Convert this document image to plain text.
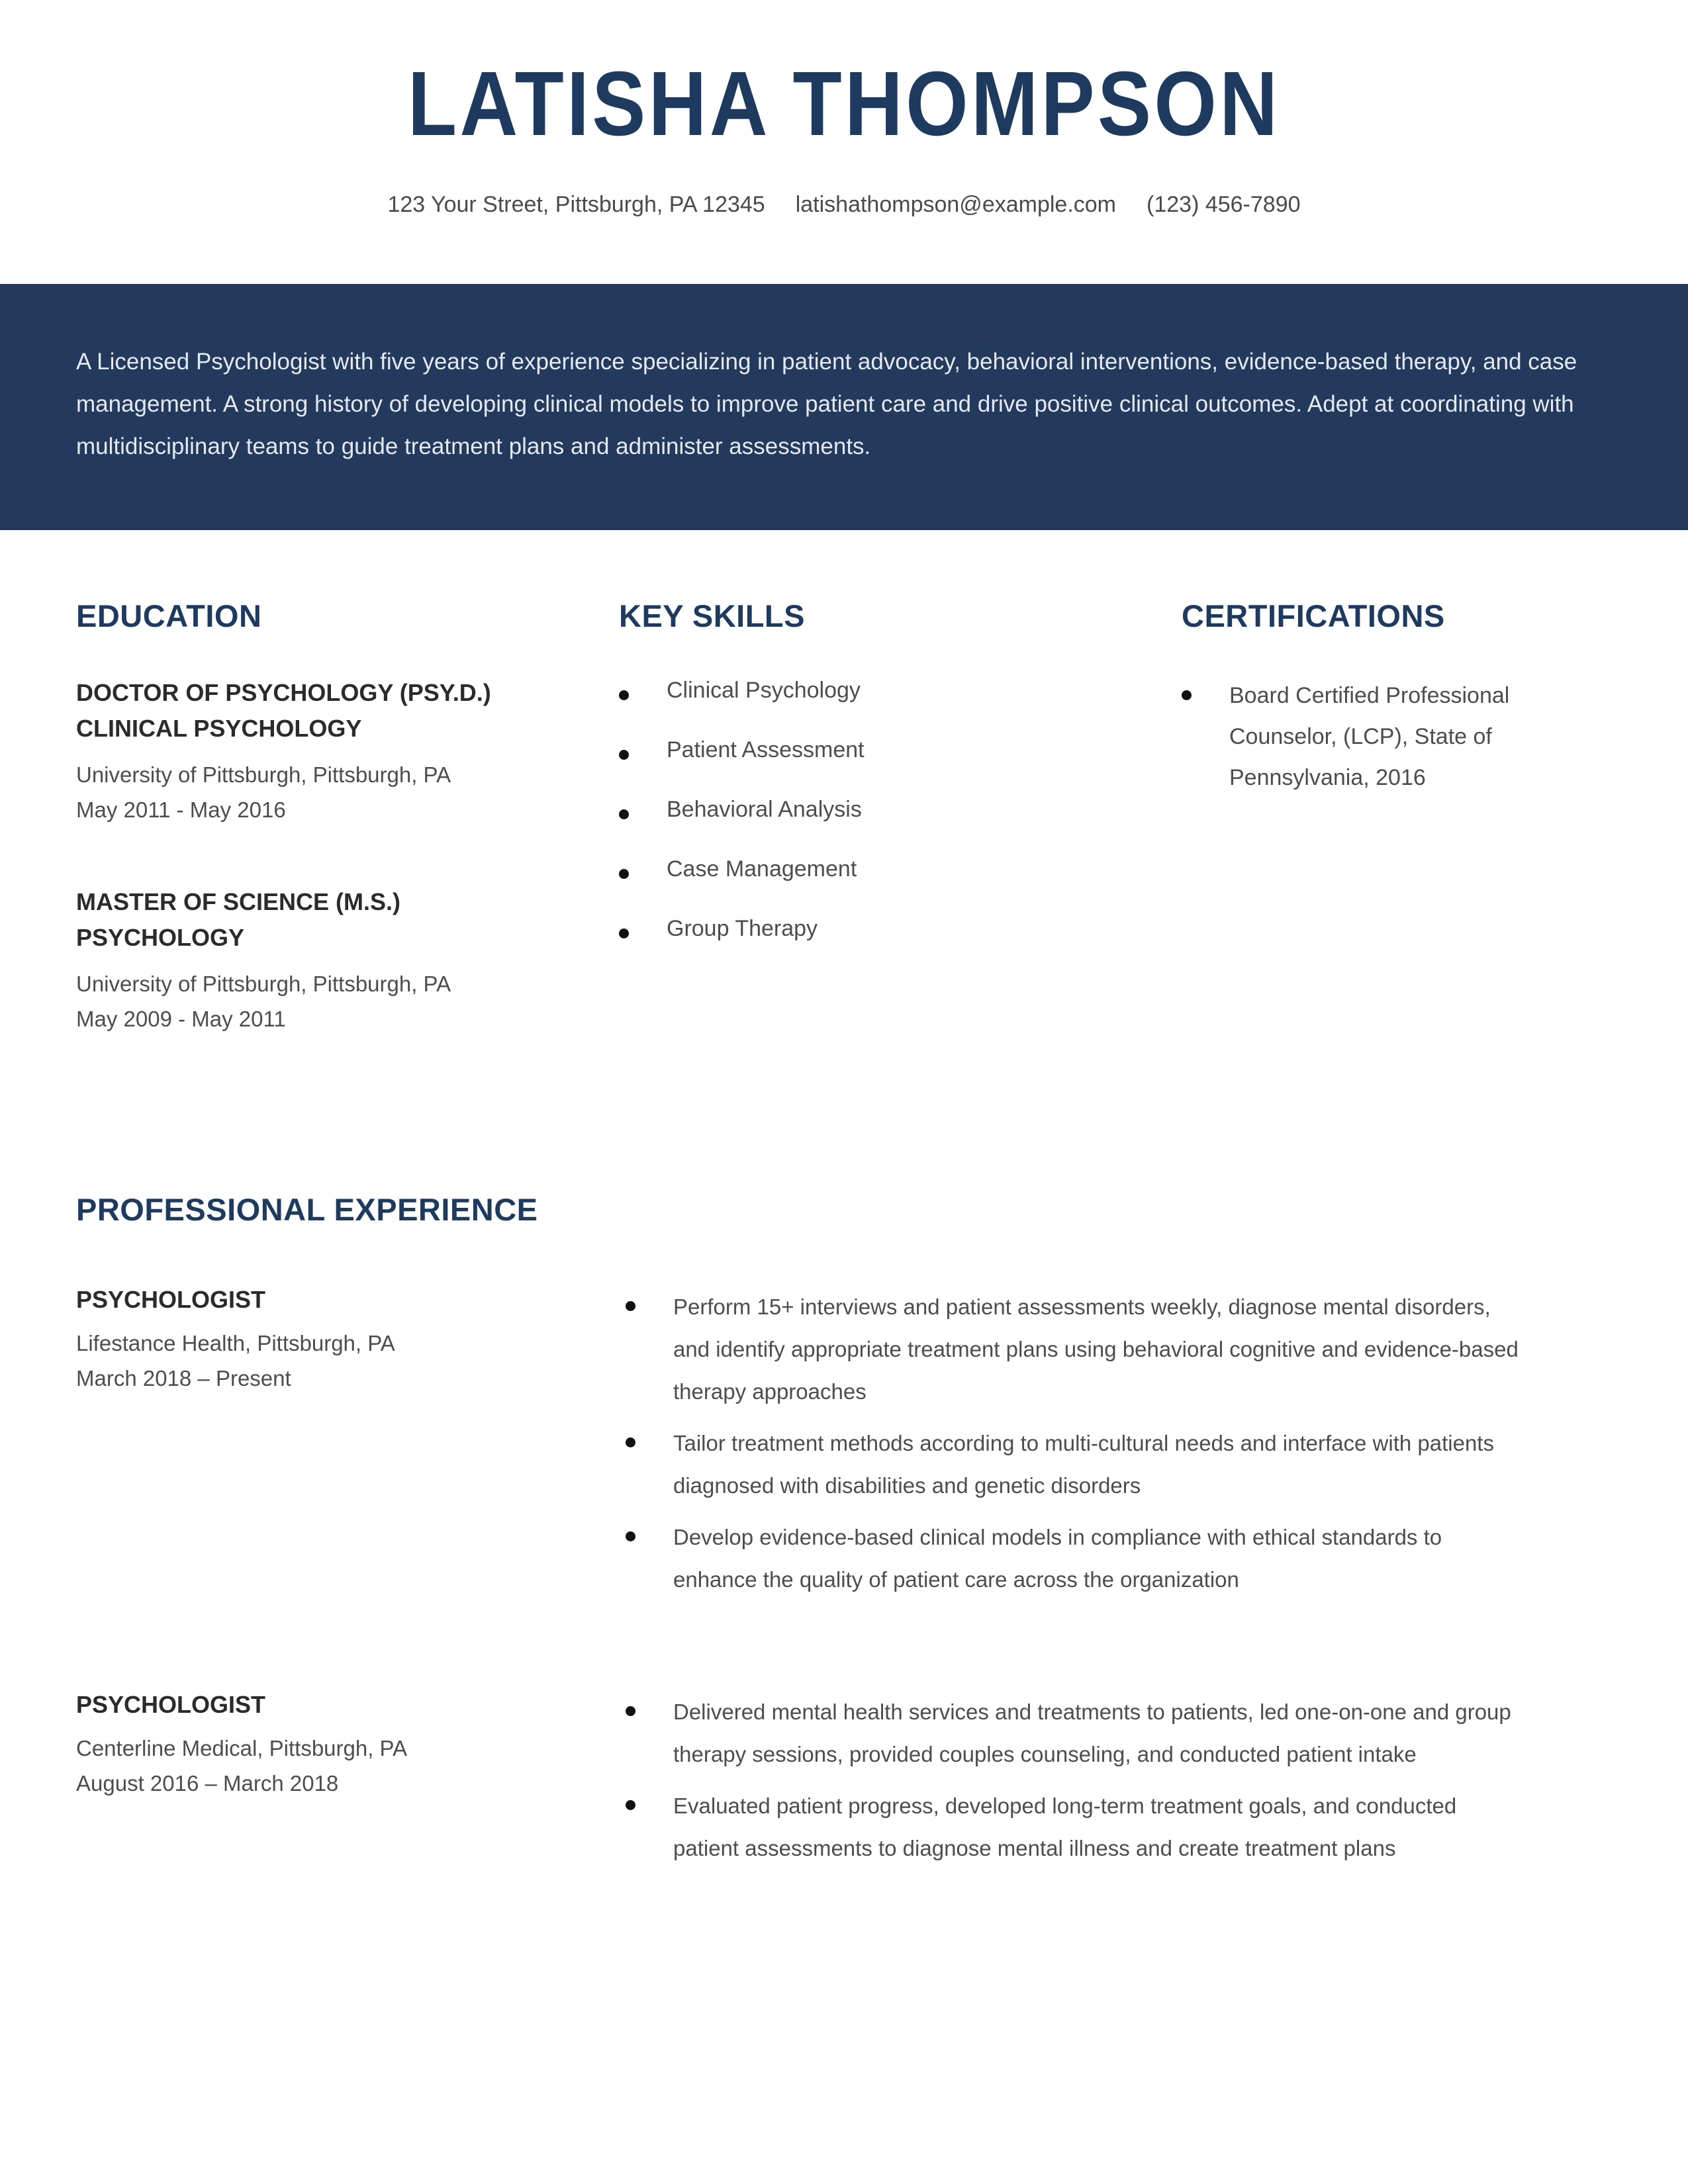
LATISHA THOMPSON
123 Your Street, Pittsburgh, PA 12345 latishathompson@example.com (123) 456-7890

A Licensed Psychologist with five years of experience specializing in patient advocacy, behavioral interventions, evidence-based therapy, and case management. A strong history of developing clinical models to improve patient care and drive positive clinical outcomes. Adept at coordinating with multidisciplinary teams to guide treatment plans and administer assessments.

EDUCATION
DOCTOR OF PSYCHOLOGY (PSY.D.) CLINICAL PSYCHOLOGY
University of Pittsburgh, Pittsburgh, PA
May 2011 - May 2016
MASTER OF SCIENCE (M.S.) PSYCHOLOGY
University of Pittsburgh, Pittsburgh, PA
May 2009 - May 2011
KEY SKILLS
Clinical Psychology
Patient Assessment
Behavioral Analysis
Case Management
Group Therapy
CERTIFICATIONS
Board Certified Professional Counselor, (LCP), State of Pennsylvania, 2016
PROFESSIONAL EXPERIENCE
PSYCHOLOGIST
Lifestance Health, Pittsburgh, PA
March 2018 – Present
Perform 15+ interviews and patient assessments weekly, diagnose mental disorders, and identify appropriate treatment plans using behavioral cognitive and evidence-based therapy approaches
Tailor treatment methods according to multi-cultural needs and interface with patients diagnosed with disabilities and genetic disorders
Develop evidence-based clinical models in compliance with ethical standards to enhance the quality of patient care across the organization
PSYCHOLOGIST
Centerline Medical, Pittsburgh, PA
August 2016 – March 2018
Delivered mental health services and treatments to patients, led one-on-one and group therapy sessions, provided couples counseling, and conducted patient intake
Evaluated patient progress, developed long-term treatment goals, and conducted patient assessments to diagnose mental illness and create treatment plans
